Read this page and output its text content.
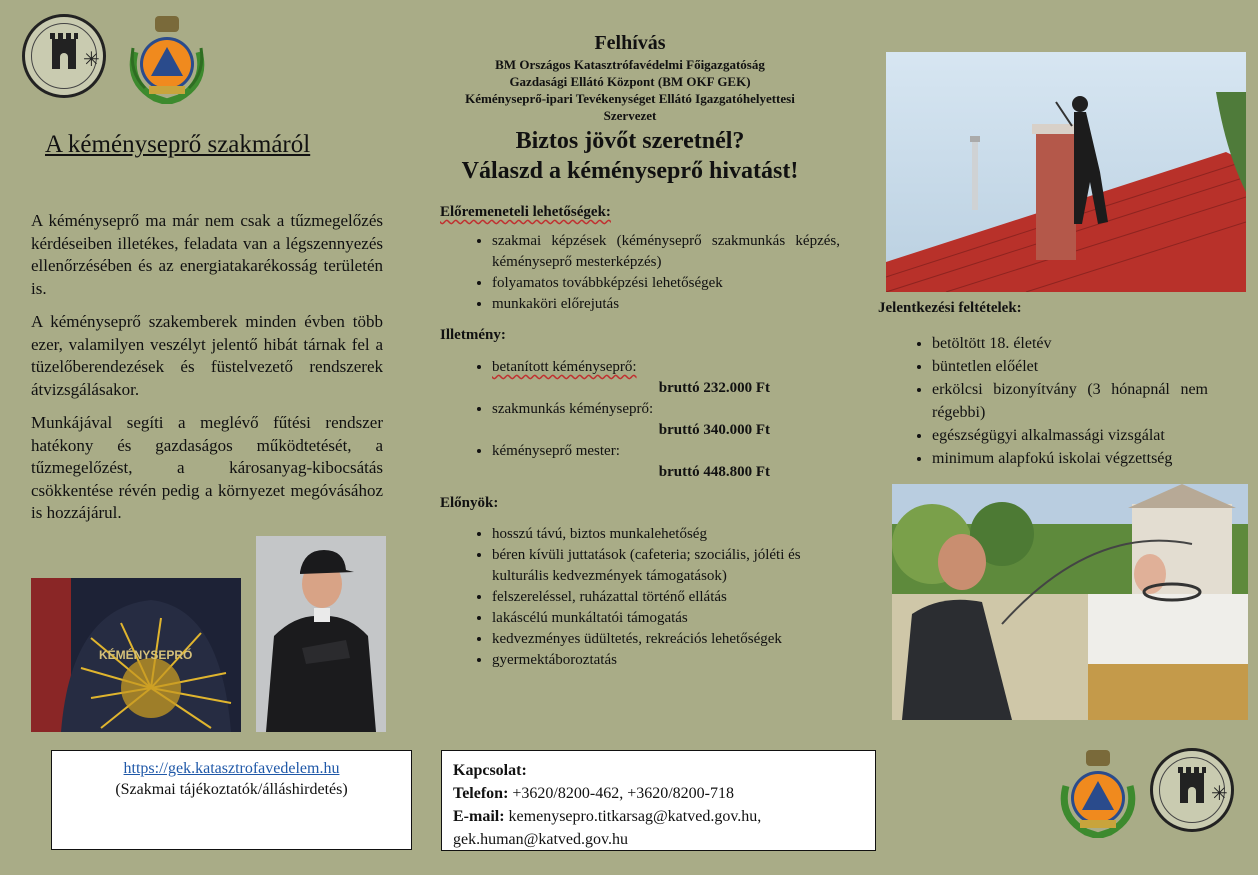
✳
A kéményseprő szakmáról

A kéményseprő ma már nem csak a tűzmegelőzés kérdéseiben illetékes, feladata van a légszennyezés ellenőrzésében és az energiatakarékosság területén is.

A kéményseprő szakemberek minden évben több ezer, valamilyen veszélyt jelentő hibát tárnak fel a tüzelőberendezések és füstelvezető rendszerek átvizsgálásakor.

Munkájával segíti a meglévő fűtési rendszer hatékony és gazdaságos működtetését, a tűzmegelőzést, a károsanyag-kibocsátás csökkentése révén pedig a környezet megóvásához is hozzájárul.

KÉMÉNYSEPRŐ
Felhívás
BM Országos Katasztrófavédelmi Főigazgatóság
Gazdasági Ellátó Központ (BM OKF GEK)
Kéményseprő-ipari Tevékenységet Ellátó Igazgatóhelyettesi
Szervezet
Biztos jövőt szeretnél?
Válaszd a kéményseprő hivatást!
Előremeneteli lehetőségek:
• szakmai képzések (kéményseprő szakmunkás képzés, kéményseprő mesterképzés)
• folyamatos továbbképzési lehetőségek
• munkaköri előrejutás
Illetmény:
• betanított kéményseprő:
bruttó 232.000 Ft
• szakmunkás kéményseprő:
bruttó 340.000 Ft
• kéményseprő mester:
bruttó 448.800 Ft
Előnyök:
• hosszú távú, biztos munkalehetőség
• béren kívüli juttatások (cafeteria; szociális, jóléti és kulturális kedvezmények támogatások)
• felszereléssel, ruházattal történő ellátás
• lakáscélú munkáltatói támogatás
• kedvezményes üdültetés, rekreációs lehetőségek
• gyermektáboroztatás
Jelentkezési feltételek:
• betöltött 18. életév
• büntetlen előélet
• erkölcsi bizonyítvány (3 hónapnál nem régebbi)
• egészségügyi alkalmassági vizsgálat
• minimum alapfokú iskolai végzettség
https://gek.katasztrofavedelem.hu
(Szakmai tájékoztatók/álláshirdetés)
Kapcsolat:
Telefon: +3620/8200-462, +3620/8200-718
E-mail: kemenysepro.titkarsag@katved.gov.hu,
gek.human@katved.gov.hu
✳
